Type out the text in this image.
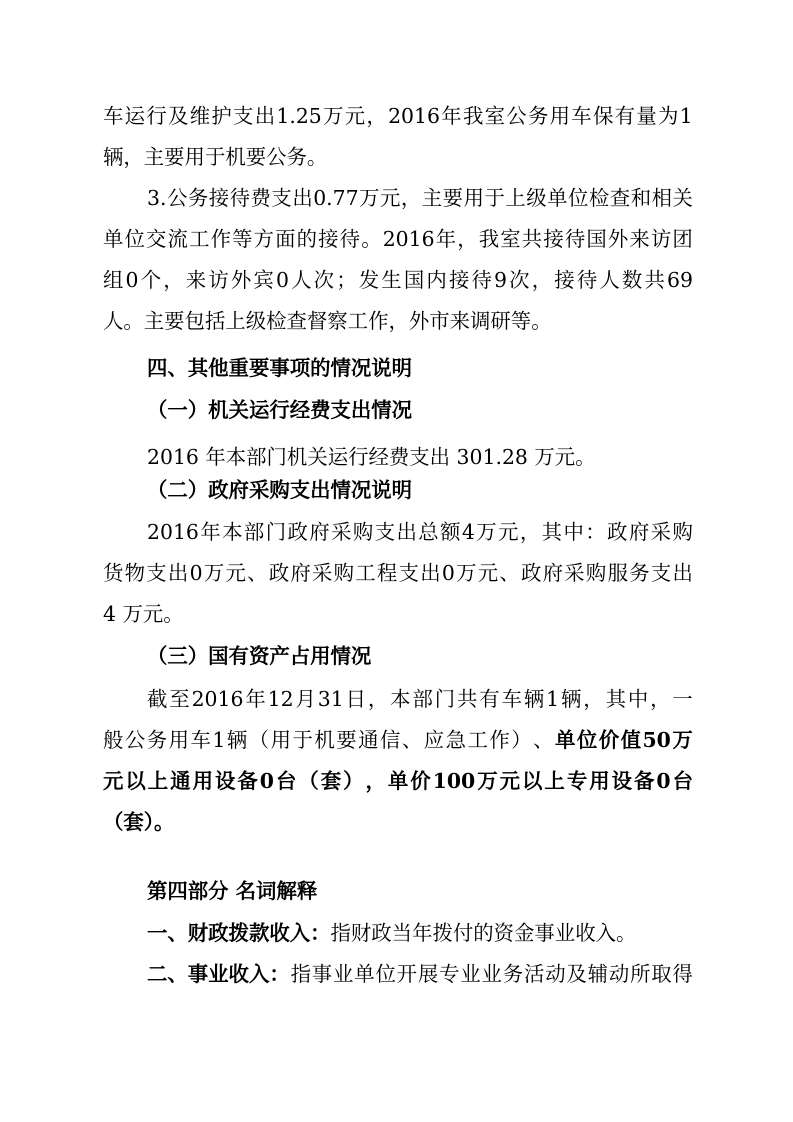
车 运 行 及 维 护 支 出 1.25 万 元 ， 2016 年 我 室 公 务 用 车 保 有 量 为 1
辆，主要用于机要公务。
3. 公 务 接 待 费 支 出 0.77 万 元 ， 主 要 用 于 上 级 单 位 检 查 和 相 关
单 位 交 流 工 作 等 方 面 的 接 待 。 2016 年 ， 我 室 共 接 待 国 外 来 访 团
组 0 个 ， 来 访 外 宾 0 人 次 ； 发 生 国 内 接 待 9 次 ， 接 待 人 数 共 69
人。主要包括上级检查督察工作，外市来调研等。
四、其他重要事项的情况说明
（一）机关运行经费支出情况
2016 年本部门机关运行经费支出 301.28 万元。
（二）政府采购支出情况说明
2016 年 本 部 门 政 府 采 购 支 出 总 额 4 万 元 ， 其 中 ： 政 府 采 购
货 物 支 出 0 万 元 、 政 府 采 购 工 程 支 出 0 万 元 、 政 府 采 购 服 务 支 出
4 万元。
（三）国有资产占用情况
截 至 2016 年 12 月 31 日 ， 本 部 门 共 有 车 辆 1 辆 ， 其 中 ， 一
般 公 务 用 车 1 辆 （ 用 于 机 要 通 信 、 应 急 工 作 ） 、 单 位 价 值 50 万
元 以 上 通 用 设 备 0 台 （ 套 ） ， 单 价 100 万 元 以 上 专 用 设 备 0 台
（套）。
第四部分 名词解释
一、财政拨款收入：指财政当年拨付的资金事业收入。
二、事业收入： 指 事 业 单 位 开 展 专 业 业 务 活 动 及 辅 动 所 取 得
